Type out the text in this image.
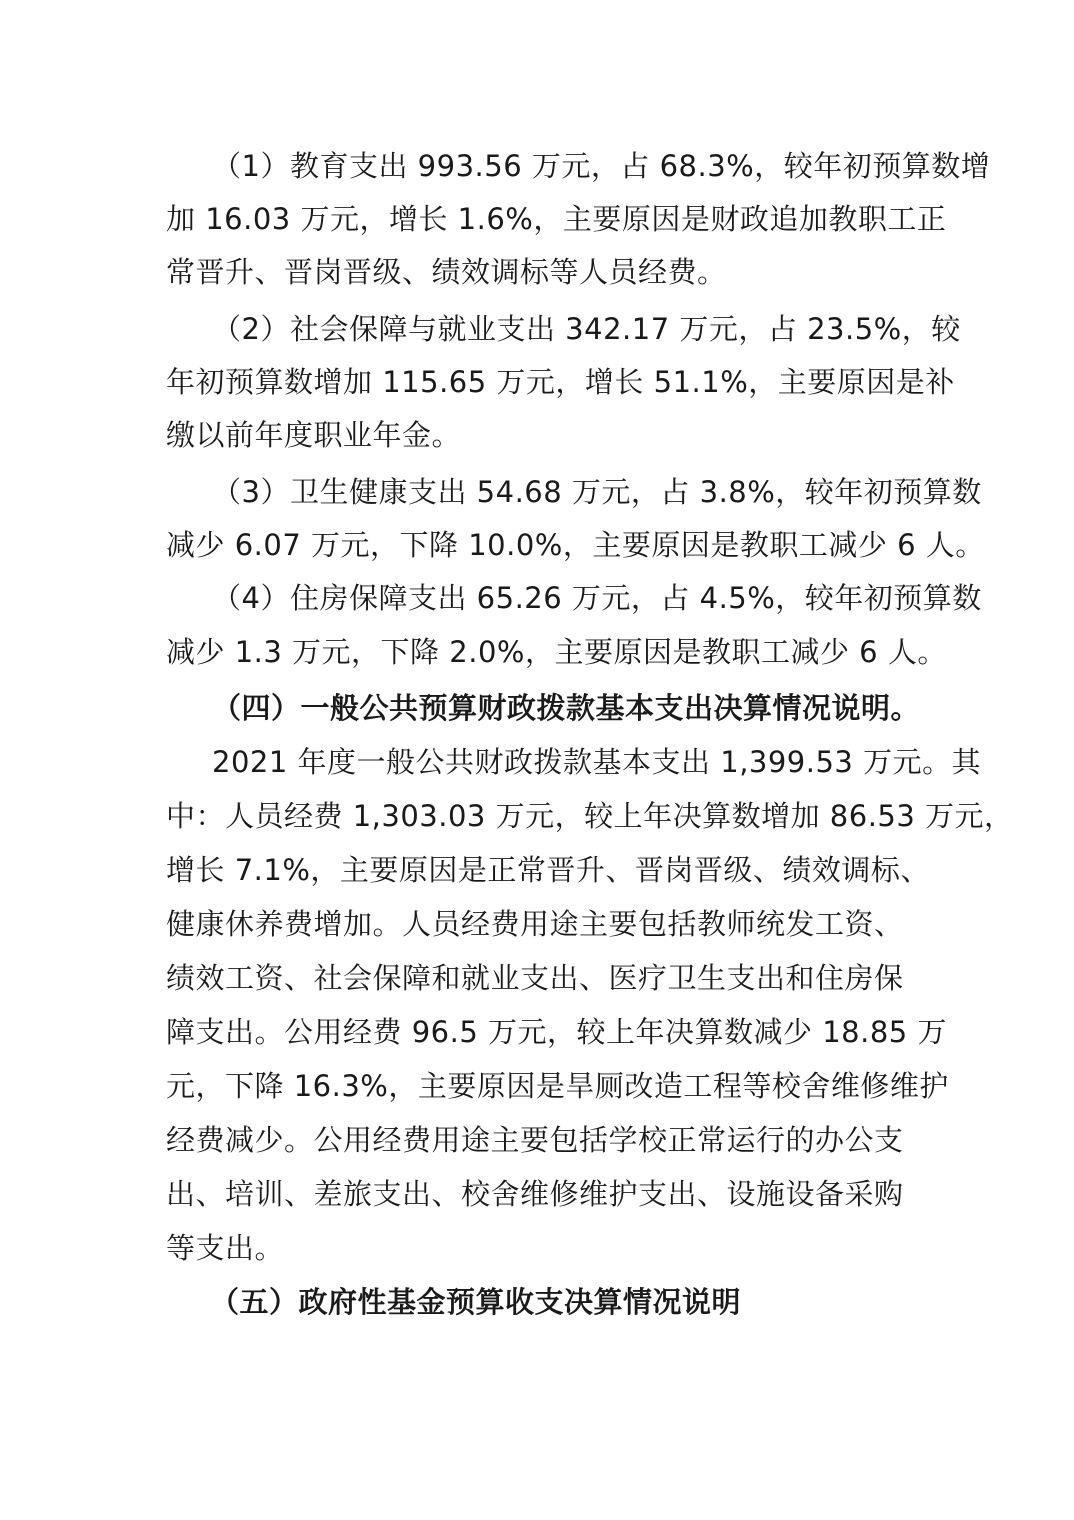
（1）教育支出 993.56 万元，占 68.3%，较年初预算数增
加 16.03 万元，增长 1.6%，主要原因是财政追加教职工正
常晋升、晋岗晋级、绩效调标等人员经费。
（2）社会保障与就业支出 342.17 万元，占 23.5%，较
年初预算数增加 115.65 万元，增长 51.1%，主要原因是补
缴以前年度职业年金。
（3）卫生健康支出 54.68 万元，占 3.8%，较年初预算数
减少 6.07 万元，下降 10.0%，主要原因是教职工减少 6 人。
（4）住房保障支出 65.26 万元，占 4.5%，较年初预算数
减少 1.3 万元，下降 2.0%，主要原因是教职工减少 6 人。
（四）一般公共预算财政拨款基本支出决算情况说明。
2021 年度一般公共财政拨款基本支出 1,399.53 万元。其
中：人员经费 1,303.03 万元，较上年决算数增加 86.53 万元，
增长 7.1%，主要原因是正常晋升、晋岗晋级、绩效调标、
健康休养费增加。人员经费用途主要包括教师统发工资、
绩效工资、社会保障和就业支出、医疗卫生支出和住房保
障支出。公用经费 96.5 万元，较上年决算数减少 18.85 万
元，下降 16.3%，主要原因是旱厕改造工程等校舍维修维护
经费减少。公用经费用途主要包括学校正常运行的办公支
出、培训、差旅支出、校舍维修维护支出、设施设备采购
等支出。
（五）政府性基金预算收支决算情况说明
